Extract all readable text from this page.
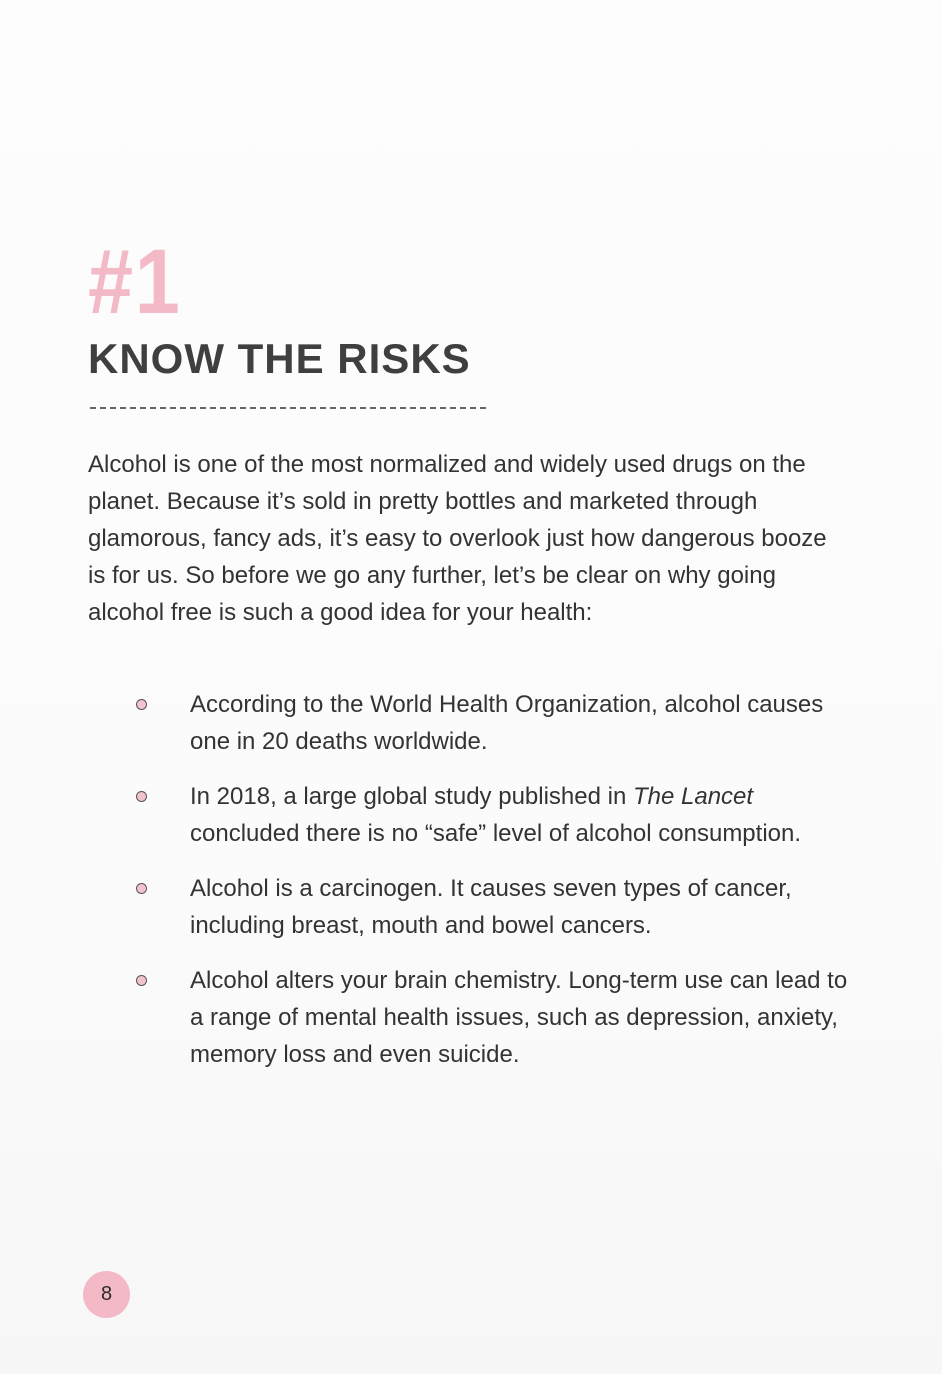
#1
KNOW THE RISKS

Alcohol is one of the most normalized and widely used drugs on the planet. Because it’s sold in pretty bottles and marketed through glamorous, fancy ads, it’s easy to overlook just how dangerous booze is for us. So before we go any further, let’s be clear on why going alcohol free is such a good idea for your health:

According to the World Health Organization, alcohol causes one in 20 deaths worldwide.
In 2018, a large global study published in The Lancet concluded there is no “safe” level of alcohol consumption.
Alcohol is a carcinogen. It causes seven types of cancer, including breast, mouth and bowel cancers.
Alcohol alters your brain chemistry. Long-term use can lead to a range of mental health issues, such as depression, anxiety, memory loss and even suicide.
8
